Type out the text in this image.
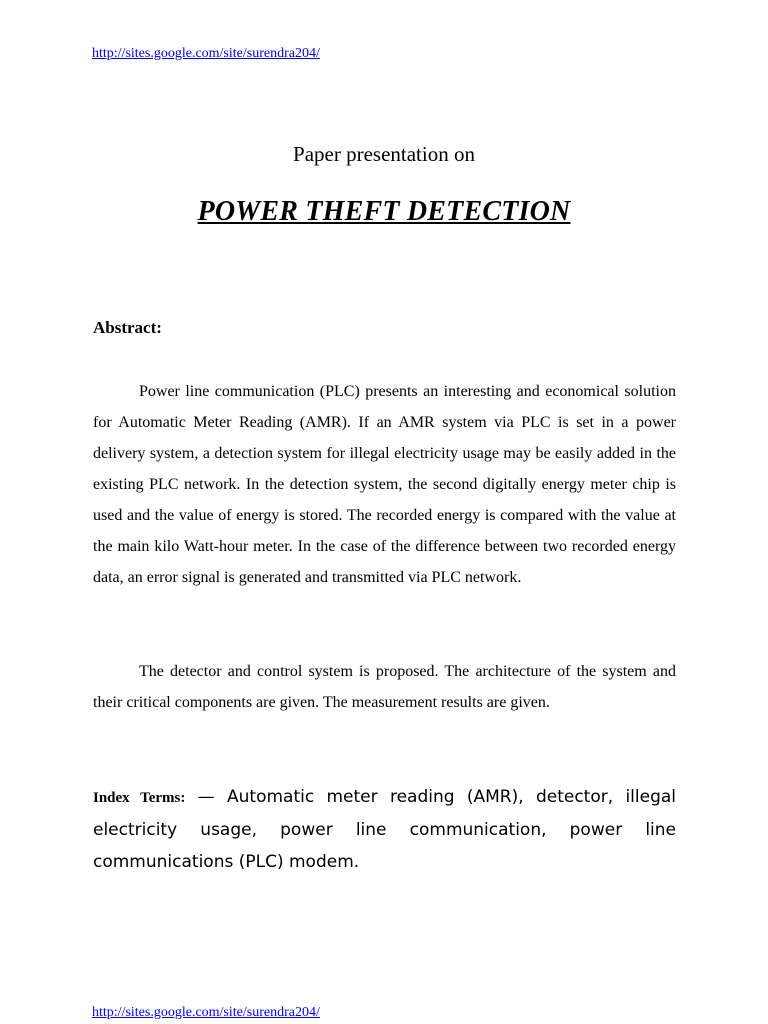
http://sites.google.com/site/surendra204/
Paper presentation on
POWER THEFT DETECTION
Abstract:

Power line communication (PLC) presents an interesting and economical solution for Automatic Meter Reading (AMR). If an AMR system via PLC is set in a power delivery system, a detection system for illegal electricity usage may be easily added in the existing PLC network. In the detection system, the second digitally energy meter chip is used and the value of energy is stored. The recorded energy is compared with the value at the main kilo Watt-hour meter. In the case of the difference between two recorded energy data, an error signal is generated and transmitted via PLC network.

The detector and control system is proposed. The architecture of the system and their critical components are given. The measurement results are given.

Index Terms: — Automatic meter reading (AMR), detector, illegal electricity usage, power line communication, power line communications (PLC) modem.

http://sites.google.com/site/surendra204/
